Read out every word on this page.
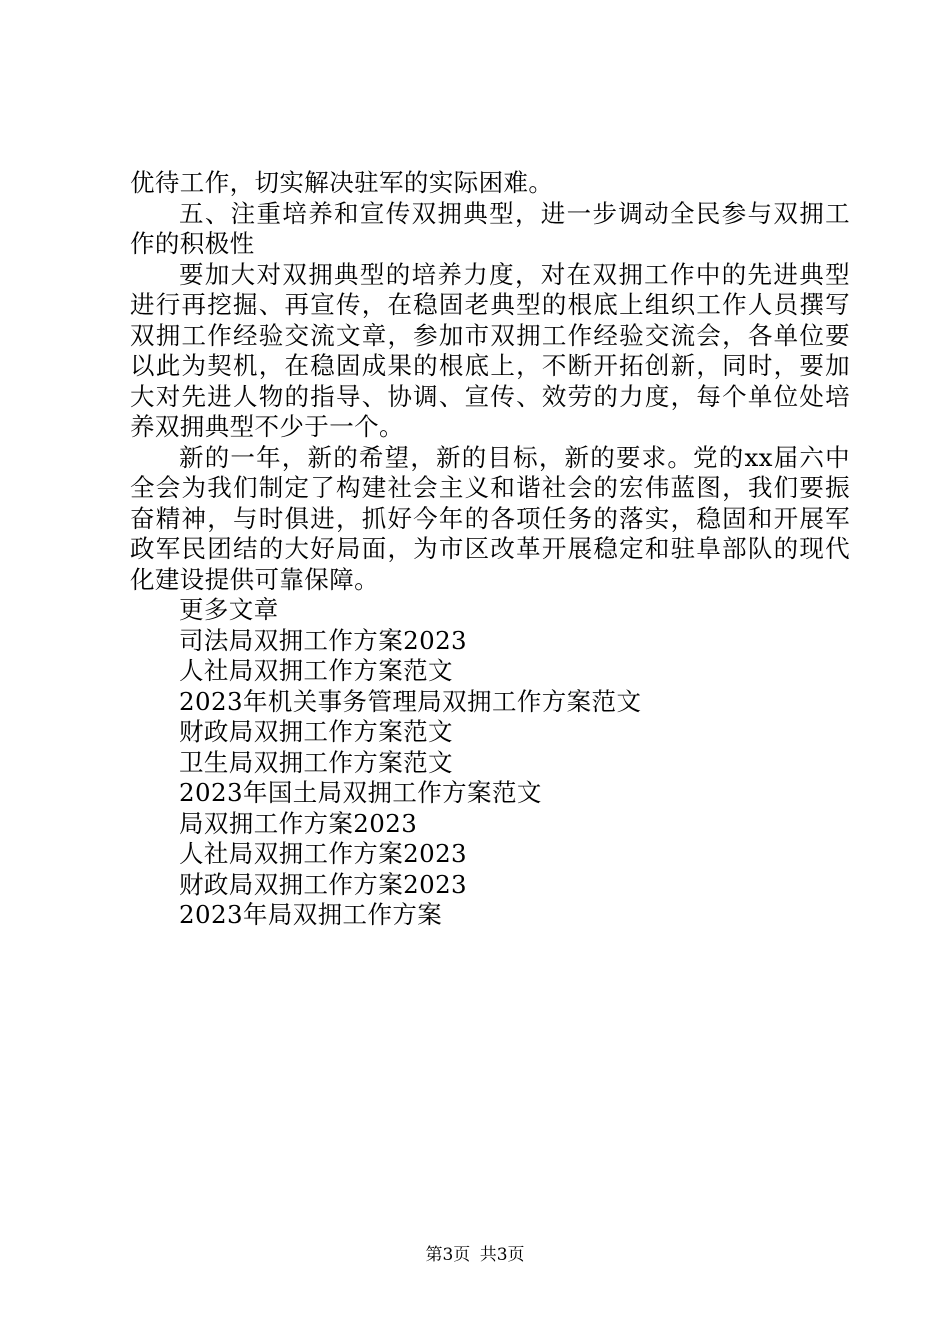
优待工作，切实解决驻军的实际困难。

五、注重培养和宣传双拥典型，进一步调动全民参与双拥工作的积极性

要加大对双拥典型的培养力度，对在双拥工作中的先进典型进行再挖掘、再宣传，在稳固老典型的根底上组织工作人员撰写双拥工作经验交流文章，参加市双拥工作经验交流会，各单位要以此为契机，在稳固成果的根底上，不断开拓创新，同时，要加大对先进人物的指导、协调、宣传、效劳的力度，每个单位处培养双拥典型不少于一个。

新的一年，新的希望，新的目标，新的要求。党的xx届六中全会为我们制定了构建社会主义和谐社会的宏伟蓝图，我们要振奋精神，与时俱进，抓好今年的各项任务的落实，稳固和开展军政军民团结的大好局面，为市区改革开展稳定和驻阜部队的现代化建设提供可靠保障。

更多文章
司法局双拥工作方案2023
人社局双拥工作方案范文
2023年机关事务管理局双拥工作方案范文
财政局双拥工作方案范文
卫生局双拥工作方案范文
2023年国土局双拥工作方案范文
局双拥工作方案2023
人社局双拥工作方案2023
财政局双拥工作方案2023
2023年局双拥工作方案
第3页 共3页
